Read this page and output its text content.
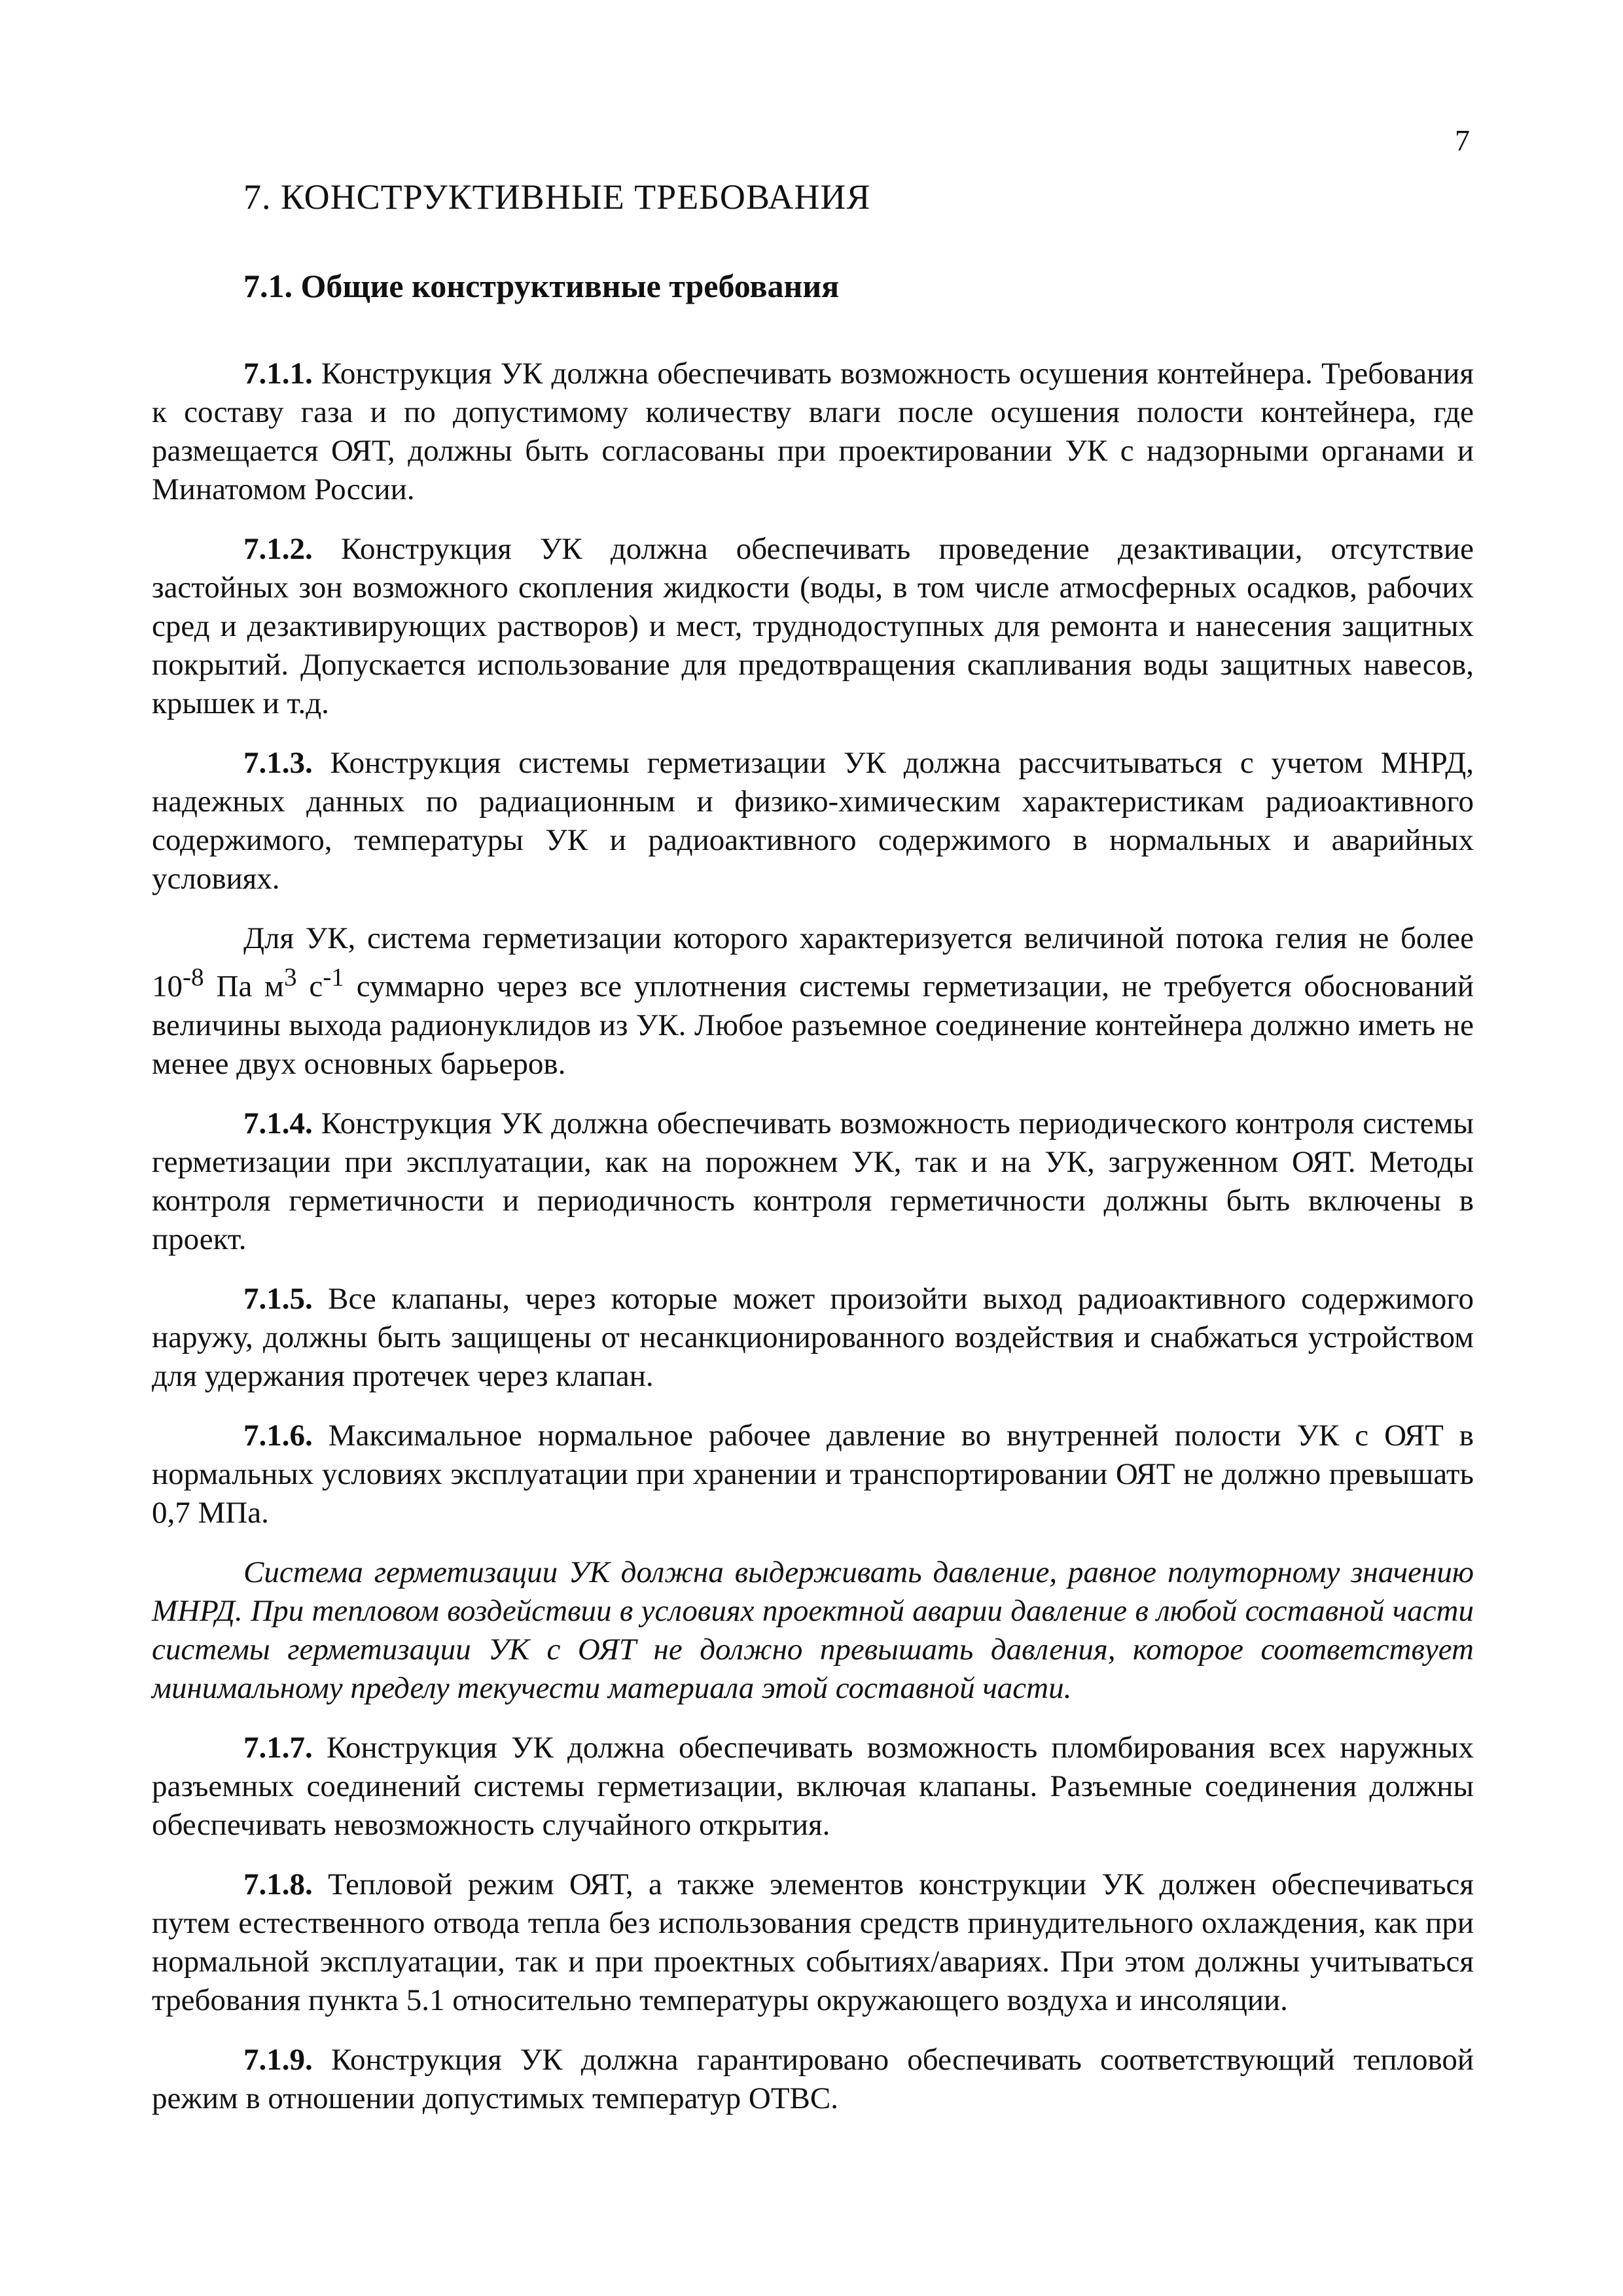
7
7. КОНСТРУКТИВНЫЕ ТРЕБОВАНИЯ
7.1. Общие конструктивные требования

7.1.1. Конструкция УК должна обеспечивать возможность осушения контейнера. Требования к составу газа и по допустимому количеству влаги после осушения полости контейнера, где размещается ОЯТ, должны быть согласованы при проектировании УК с надзорными органами и Минатомом России.

7.1.2. Конструкция УК должна обеспечивать проведение дезактивации, отсутствие застойных зон возможного скопления жидкости (воды, в том числе атмосферных осадков, рабочих сред и дезактивирующих растворов) и мест, труднодоступных для ремонта и нанесения защитных покрытий. Допускается использование для предотвращения скапливания воды защитных навесов, крышек и т.д.

7.1.3. Конструкция системы герметизации УК должна рассчитываться с учетом МНРД, надежных данных по радиационным и физико-химическим характеристикам радиоактивного содержимого, температуры УК и радиоактивного содержимого в нормальных и аварийных условиях.

Для УК, система герметизации которого характеризуется величиной потока гелия не более $10^{-8}$ Па $м^3$ $с^{-1}$ суммарно через все уплотнения системы герметизации, не требуется обоснований величины выхода радионуклидов из УК. Любое разъемное соединение контейнера должно иметь не менее двух основных барьеров.

7.1.4. Конструкция УК должна обеспечивать возможность периодического контроля системы герметизации при эксплуатации, как на порожнем УК, так и на УК, загруженном ОЯТ. Методы контроля герметичности и периодичность контроля герметичности должны быть включены в проект.

7.1.5. Все клапаны, через которые может произойти выход радиоактивного содержимого наружу, должны быть защищены от несанкционированного воздействия и снабжаться устройством для удержания протечек через клапан.

7.1.6. Максимальное нормальное рабочее давление во внутренней полости УК с ОЯТ в нормальных условиях эксплуатации при хранении и транспортировании ОЯТ не должно превышать 0,7 МПа.

Система герметизации УК должна выдерживать давление, равное полуторному значению МНРД. При тепловом воздействии в условиях проектной аварии давление в любой составной части системы герметизации УК с ОЯТ не должно превышать давления, которое соответствует минимальному пределу текучести материала этой составной части.

7.1.7. Конструкция УК должна обеспечивать возможность пломбирования всех наружных разъемных соединений системы герметизации, включая клапаны. Разъемные соединения должны обеспечивать невозможность случайного открытия.

7.1.8. Тепловой режим ОЯТ, а также элементов конструкции УК должен обеспечиваться путем естественного отвода тепла без использования средств принудительного охлаждения, как при нормальной эксплуатации, так и при проектных событиях/авариях. При этом должны учитываться требования пункта 5.1 относительно температуры окружающего воздуха и инсоляции.

7.1.9. Конструкция УК должна гарантировано обеспечивать соответствующий тепловой режим в отношении допустимых температур ОТВС.
